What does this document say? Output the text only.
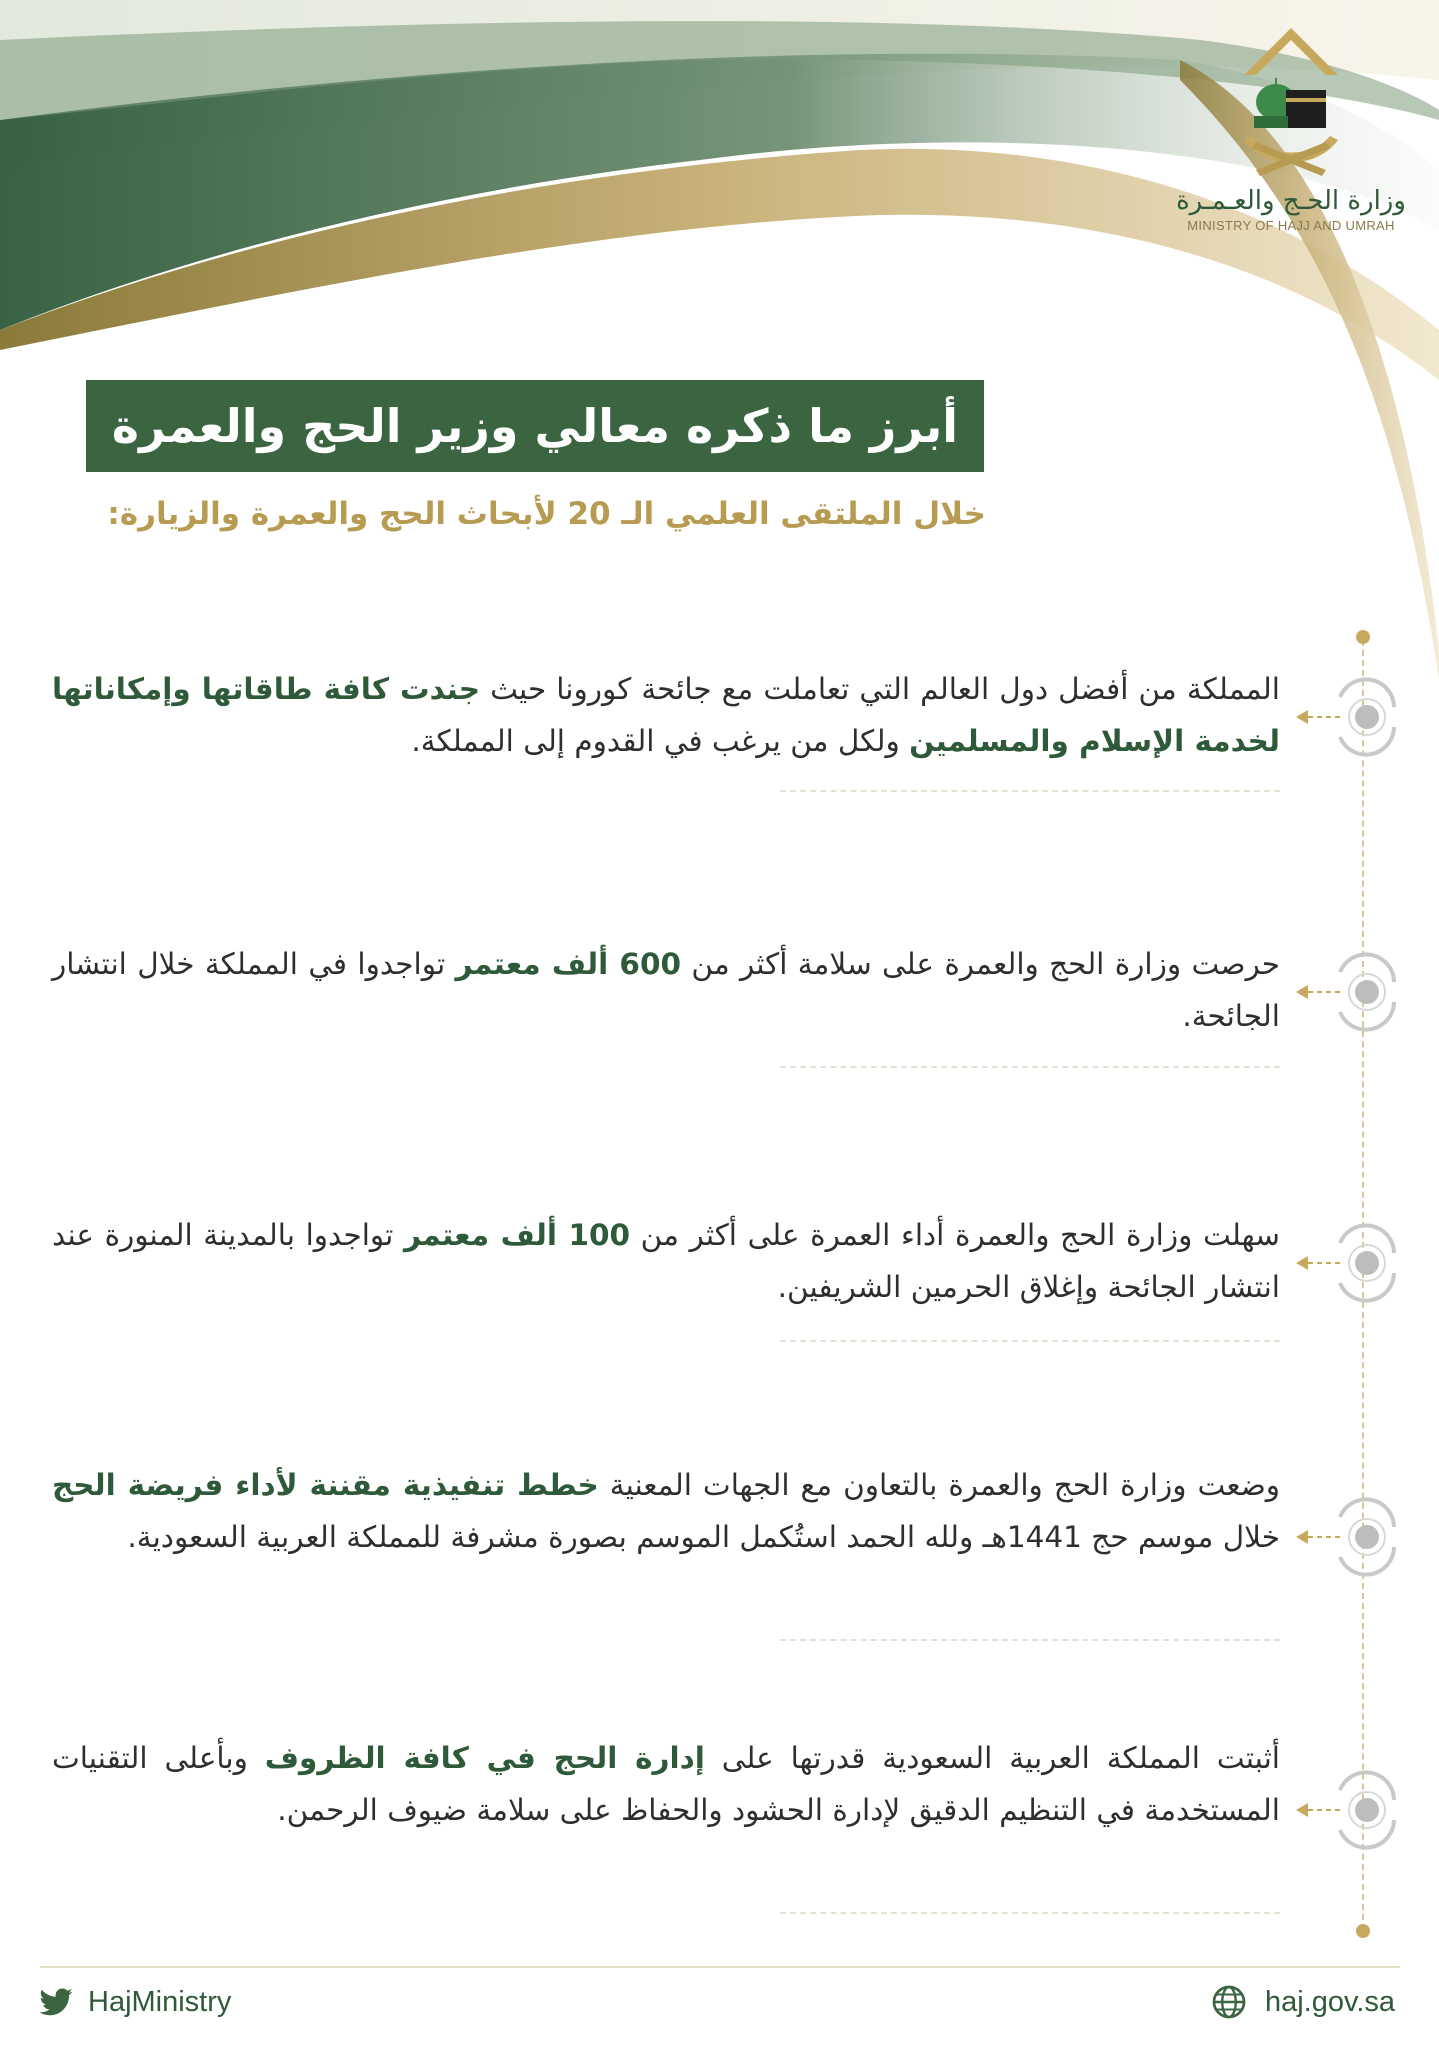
وزارة الحـج والعـمـرة
MINISTRY OF HAJJ AND UMRAH
أبرز ما ذكره معالي وزير الحج والعمرة
خلال الملتقى العلمي الـ 20 لأبحاث الحج والعمرة والزيارة:
المملكة من أفضل دول العالم التي تعاملت مع جائحة كورونا حيث جندت كافة طاقاتها وإمكاناتها لخدمة الإسلام والمسلمين ولكل من يرغب في القدوم إلى المملكة.
حرصت وزارة الحج والعمرة على سلامة أكثر من 600 ألف معتمر تواجدوا في المملكة خلال انتشار الجائحة.
سهلت وزارة الحج والعمرة أداء العمرة على أكثر من 100 ألف معتمر تواجدوا بالمدينة المنورة عند انتشار الجائحة وإغلاق الحرمين الشريفين.
وضعت وزارة الحج والعمرة بالتعاون مع الجهات المعنية خطط تنفيذية مقننة لأداء فريضة الحج خلال موسم حج 1441هـ ولله الحمد استُكمل الموسم بصورة مشرفة للمملكة العربية السعودية.
أثبتت المملكة العربية السعودية قدرتها على إدارة الحج في كافة الظروف وبأعلى التقنيات المستخدمة في التنظيم الدقيق لإدارة الحشود والحفاظ على سلامة ضيوف الرحمن.
HajMinistry	haj.gov.sa
